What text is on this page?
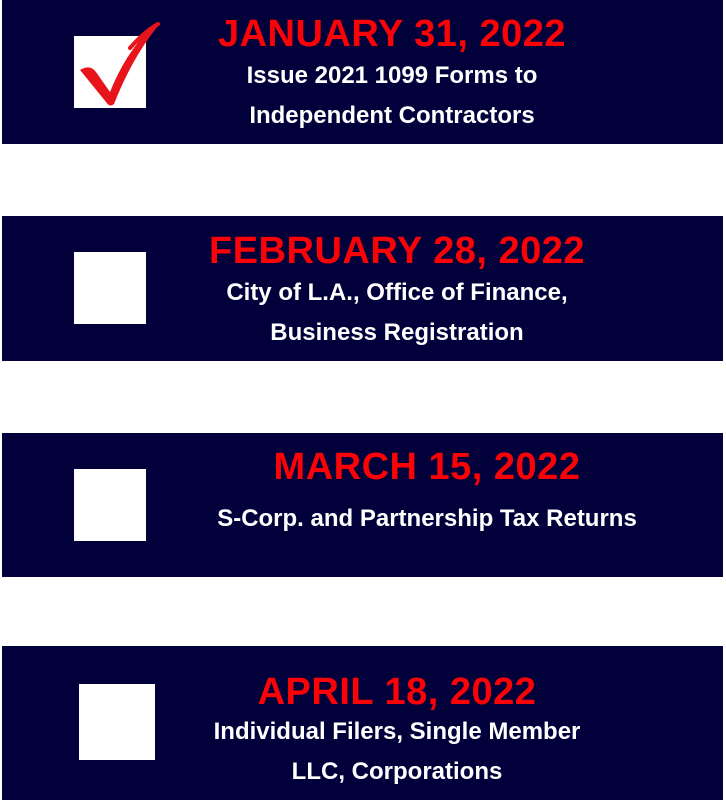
JANUARY 31, 2022
Issue 2021 1099 Forms to
Independent Contractors
FEBRUARY 28, 2022
City of L.A., Office of Finance,
Business Registration
MARCH 15, 2022
S-Corp. and Partnership Tax Returns
APRIL 18, 2022
Individual Filers, Single Member
LLC, Corporations
